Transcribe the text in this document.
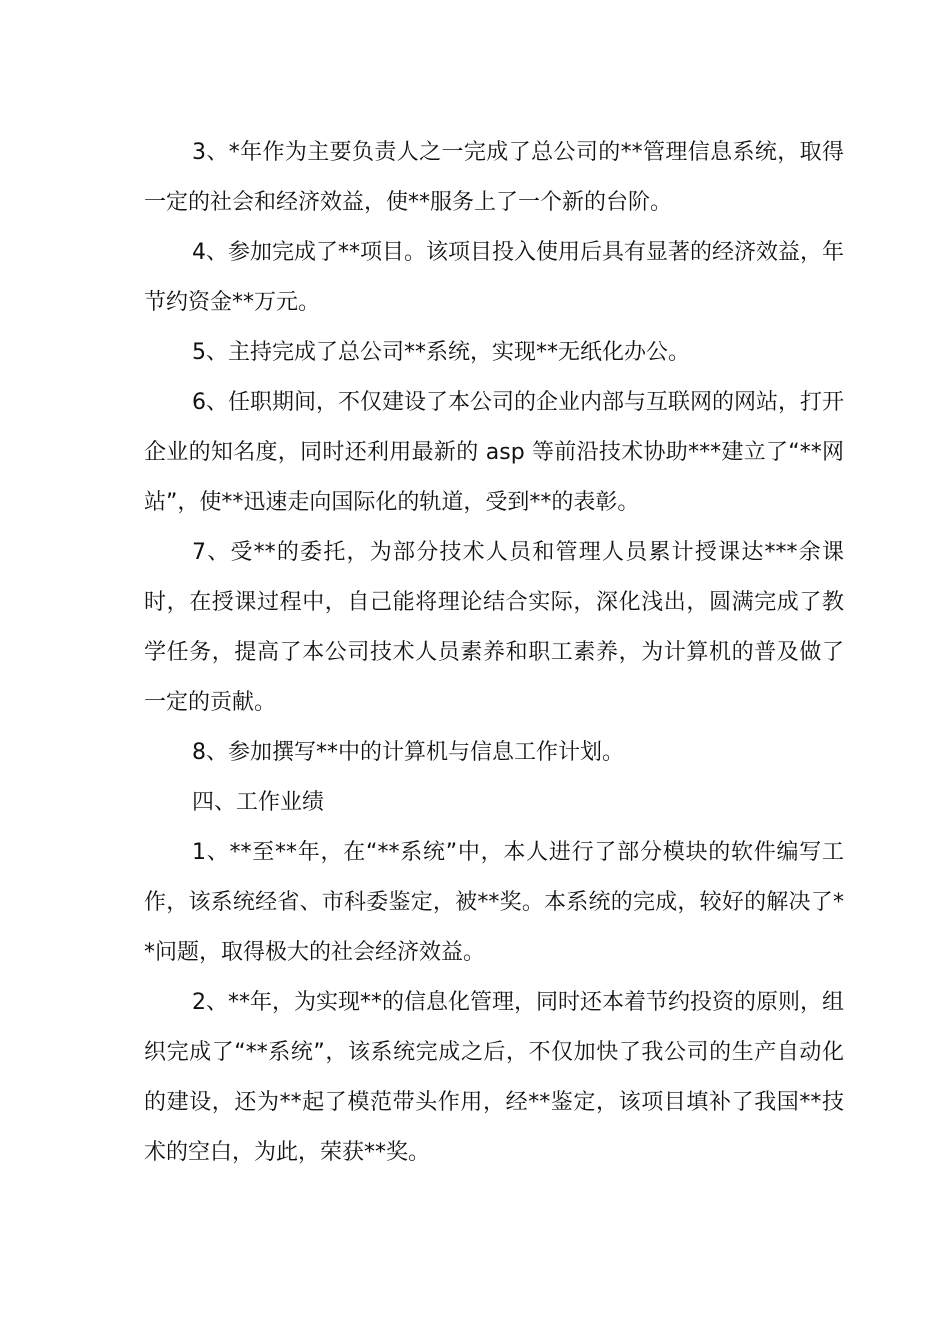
3、*年作为主要负责人之一完成了总公司的**管理信息系统，取得一定的社会和经济效益，使**服务上了一个新的台阶。

4、参加完成了**项目。该项目投入使用后具有显著的经济效益，年节约资金**万元。

5、主持完成了总公司**系统，实现**无纸化办公。

6、任职期间，不仅建设了本公司的企业内部与互联网的网站，打开企业的知名度，同时还利用最新的 asp 等前沿技术协助***建立了“**网站”，使**迅速走向国际化的轨道，受到**的表彰。

7、受**的委托，为部分技术人员和管理人员累计授课达***余课时，在授课过程中，自己能将理论结合实际，深化浅出，圆满完成了教学任务，提高了本公司技术人员素养和职工素养，为计算机的普及做了一定的贡献。

8、参加撰写**中的计算机与信息工作计划。

四、工作业绩

1、**至**年，在“**系统”中，本人进行了部分模块的软件编写工作，该系统经省、市科委鉴定，被**奖。本系统的完成，较好的解决了**问题，取得极大的社会经济效益。

2、**年，为实现**的信息化管理，同时还本着节约投资的原则，组织完成了“**系统”，该系统完成之后，不仅加快了我公司的生产自动化的建设，还为**起了模范带头作用，经**鉴定，该项目填补了我国**技术的空白，为此，荣获**奖。
